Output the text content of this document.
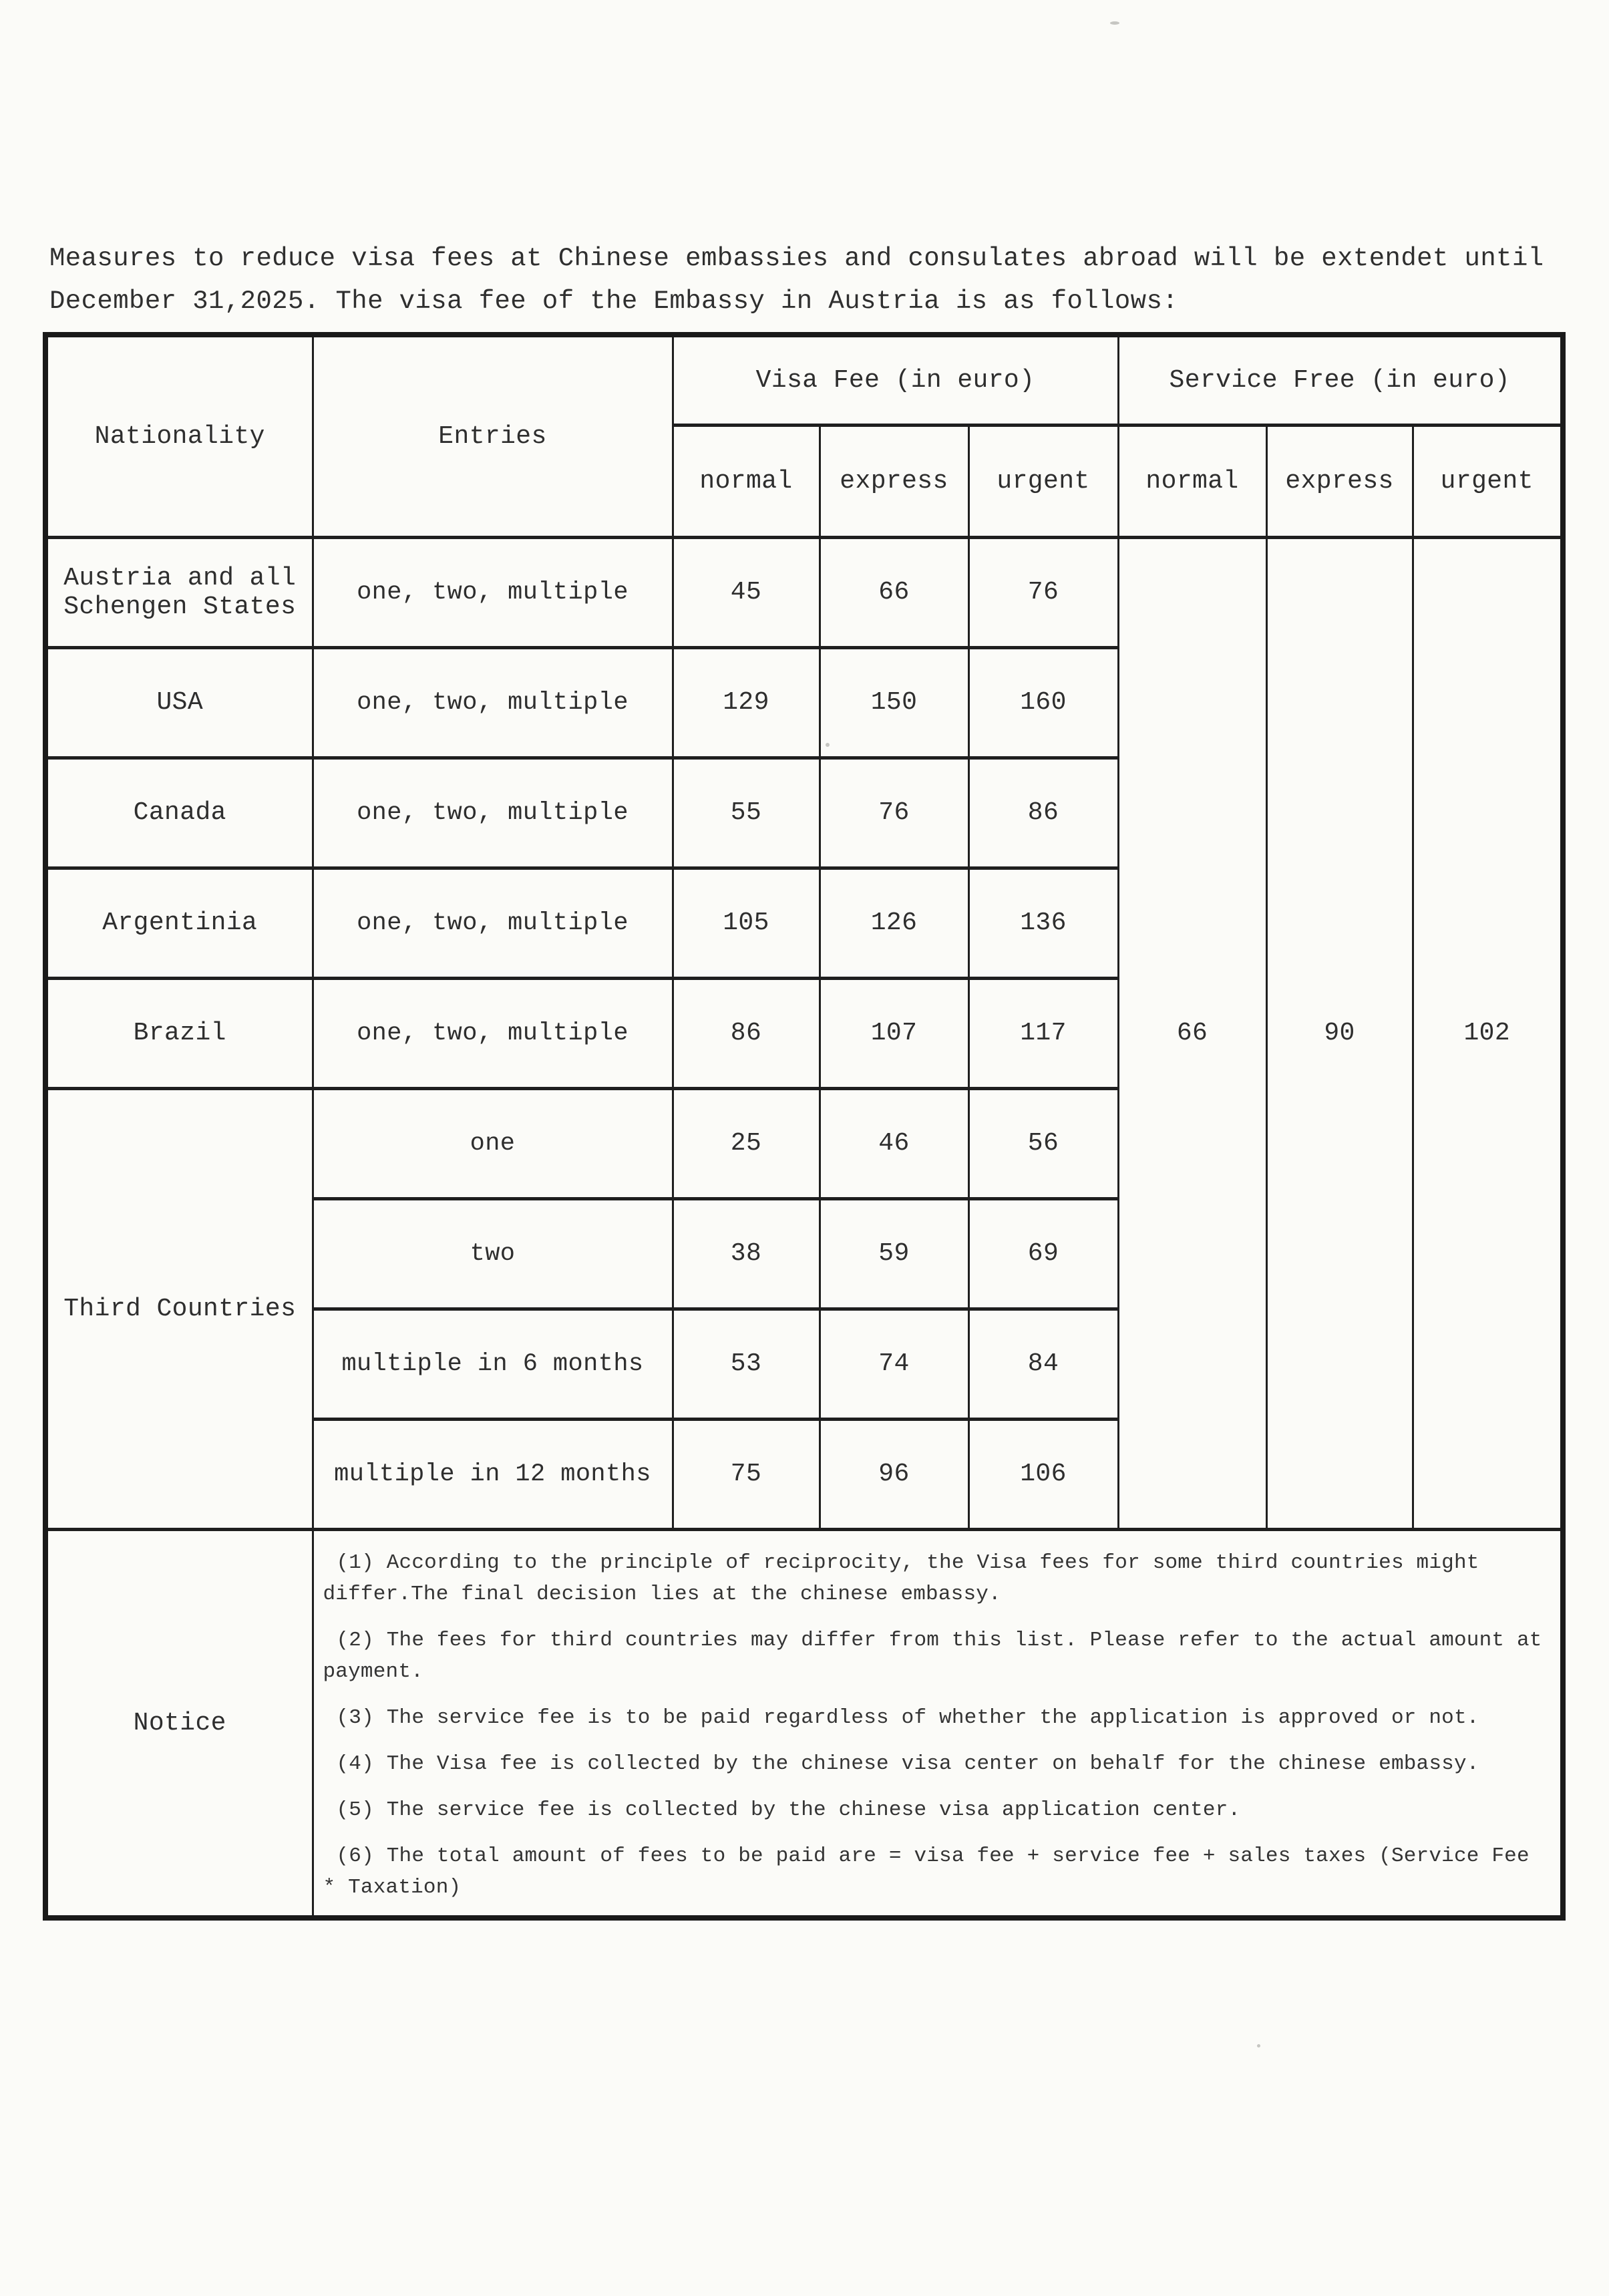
Measures to reduce visa fees at Chinese embassies and consulates abroad will be extendet until
December 31,2025. The visa fee of the Embassy in Austria is as follows:

Nationality	Entries	Visa Fee (in euro)			Service Free (in euro)		
		normal	express	urgent	normal	express	urgent
Austria and all Schengen States	one, two, multiple	45	66	76	66	90	102
USA	one, two, multiple	129	150	160			
Canada	one, two, multiple	55	76	86			
Argentinia	one, two, multiple	105	126	136			
Brazil	one, two, multiple	86	107	117			
Third Countries	one	25	46	56			
	two	38	59	69			
	multiple in 6 months	53	74	84			
	multiple in 12 months	75	96	106			
Notice	

(1) According to the principle of reciprocity, the Visa fees for some third countries might differ.The final decision lies at the chinese embassy.

(2) The fees for third countries may differ from this list. Please refer to the actual amount at payment.

(3) The service fee is to be paid regardless of whether the application is approved or not.

(4) The Visa fee is collected by the chinese visa center on behalf for the chinese embassy.

(5) The service fee is collected by the chinese visa application center.

(6) The total amount of fees to be paid are = visa fee + service fee + sales taxes (Service Fee * Taxation)
